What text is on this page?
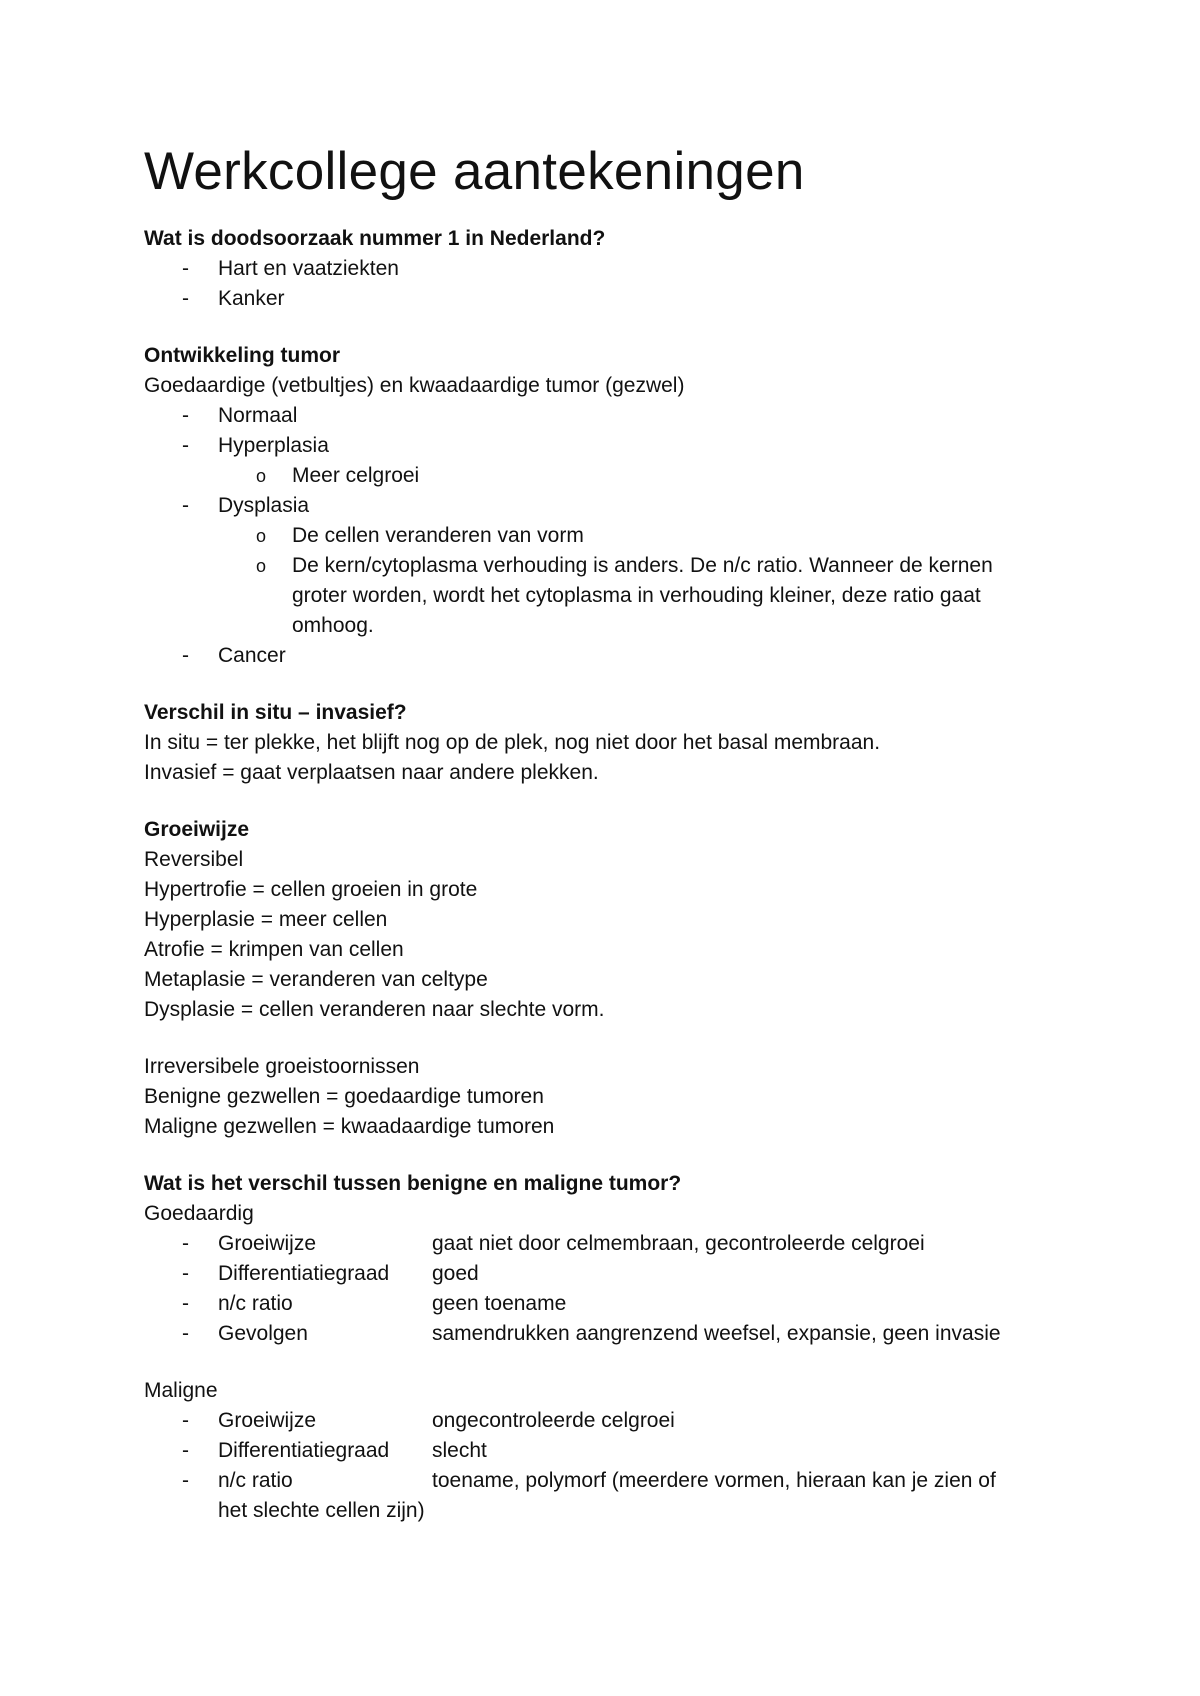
Werkcollege aantekeningen
Wat is doodsoorzaak nummer 1 in Nederland?
- Hart en vaatziekten
- Kanker
Ontwikkeling tumor
Goedaardige (vetbultjes) en kwaadaardige tumor (gezwel)
- Normaal
- Hyperplasia
o Meer celgroei
- Dysplasia
o De cellen veranderen van vorm
o De kern/cytoplasma verhouding is anders. De n/c ratio. Wanneer de kernen groter worden, wordt het cytoplasma in verhouding kleiner, deze ratio gaat omhoog.
- Cancer
Verschil in situ – invasief?
In situ = ter plekke, het blijft nog op de plek, nog niet door het basal membraan.
Invasief = gaat verplaatsen naar andere plekken.
Groeiwijze
Reversibel
Hypertrofie = cellen groeien in grote
Hyperplasie = meer cellen
Atrofie = krimpen van cellen
Metaplasie = veranderen van celtype
Dysplasie = cellen veranderen naar slechte vorm.
Irreversibele groeistoornissen
Benigne gezwellen = goedaardige tumoren
Maligne gezwellen = kwaadaardige tumoren
Wat is het verschil tussen benigne en maligne tumor?
Goedaardig
- Groeiwijze	gaat niet door celmembraan, gecontroleerde celgroei
- Differentiatiegraad	goed
- n/c ratio	geen toename
- Gevolgen	samendrukken aangrenzend weefsel, expansie, geen invasie
Maligne
- Groeiwijze	ongecontroleerde celgroei
- Differentiatiegraad	slecht
- n/c ratio	toename, polymorf (meerdere vormen, hieraan kan je zien of
het slechte cellen zijn)
